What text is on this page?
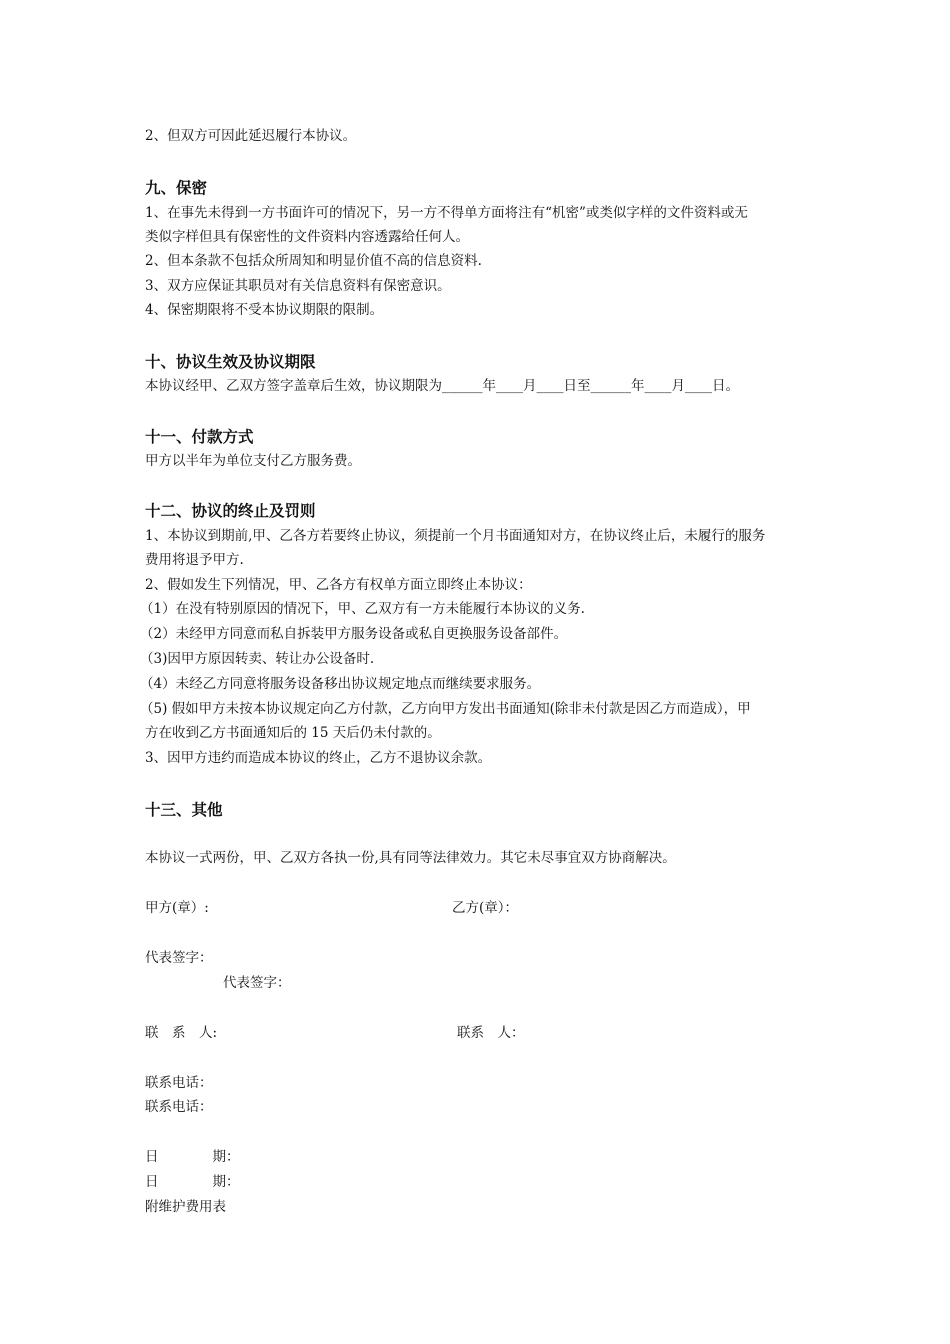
2、但双方可因此延迟履行本协议。
九、保密
1、在事先未得到一方书面许可的情况下，另一方不得单方面将注有“机密”或类似字样的文件资料或无
类似字样但具有保密性的文件资料内容透露给任何人。
2、但本条款不包括众所周知和明显价值不高的信息资料.
3、双方应保证其职员对有关信息资料有保密意识。
4、保密期限将不受本协议期限的限制。
十、协议生效及协议期限
本协议经甲、乙双方签字盖章后生效，协议期限为______年____月____日至______年____月____日。
十一、付款方式
甲方以半年为单位支付乙方服务费。
十二、协议的终止及罚则
1、本协议到期前,甲、乙各方若要终止协议，须提前一个月书面通知对方，在协议终止后，未履行的服务
费用将退予甲方.
2、假如发生下列情况，甲、乙各方有权单方面立即终止本协议：
（1）在没有特别原因的情况下，甲、乙双方有一方未能履行本协议的义务.
（2）未经甲方同意而私自拆装甲方服务设备或私自更换服务设备部件。
（3)因甲方原因转卖、转让办公设备时.
（4）未经乙方同意将服务设备移出协议规定地点而继续要求服务。
（5) 假如甲方未按本协议规定向乙方付款，乙方向甲方发出书面通知(除非未付款是因乙方而造成），甲
方在收到乙方书面通知后的 15 天后仍未付款的。
3、因甲方违约而造成本协议的终止，乙方不退协议余款。
十三、其他
本协议一式两份，甲、乙双方各执一份,具有同等法律效力。其它未尽事宜双方协商解决。
甲方(章）:	乙方(章）：
代表签字：
代表签字：
联　系　人:	联系　人：
联系电话：
联系电话：
日　　　　期：
日　　　　期：
附维护费用表
